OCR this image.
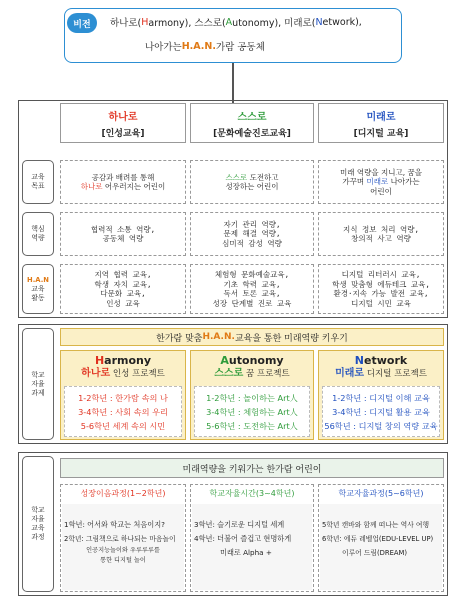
비전	하나로( H armony), 스스로( A utonomy), 미래로( N etwork),
나아가는 H.A.N. 가람 공동체
하나로
[인성교육]
스스로
[문화예술진로교육]
미래로
[디지털 교육]
교육
목표
공감과 배려를 통해
하나로 어우러지는 어린이
스스로 도전하고
성장하는 어린이
미래 역량을 지니고, 꿈을
가꾸며 미래로 나아가는
어린이
핵심
역량
협력적 소통 역량,
공동체 역량
자기 관리 역량,
문제 해결 역량,
심미적 감성 역량
지식 정보 처리 역량,
창의적 사고 역량
H.A.N
교육
활동
지역 협력 교육,
학생 자치 교육,
다문화 교육,
인성 교육
체험형 문화예술교육,
기초 학력 교육,
독서 토론 교육,
성장 단계별 진로 교육
디지털 리터러시 교육,
학생 맞춤형 에듀테크 교육,
환경·지속 가능 발전 교육,
디지털 시민 교육
학교
자율
과제
한가람 맞춤 H.A.N. 교육을 통한 미래역량 키우기
Harmony
하나로 인성 프로젝트
1-2학년 : 한가람 속의 나
3-4학년 : 사회 속의 우리
5-6학년 세계 속의 시민
Autonomy
스스로 꿈 프로젝트
1-2학년 : 놀이하는 Art人
3-4학년 : 체험하는 Art人
5-6학년 : 도전하는 Art人
Network
미래로 디지털 프로젝트
1-2학년 : 디지털 이해 교육
3-4학년 : 디지털 활용 교육
56학년 : 디지털 창의 역량 교육
학교
자율
교육
과정
미래역량을 키워가는 한가람 어린이
성장이음과정(1~2학년)
1학년: 어서와 학교는 처음이지?
2학년: 그림책으로 하나되는 마음놀이
인공지능놀이와 우루루루를
통한 디지털 놀이
학교자율시간(3~4학년)
3학년: 슬기로운 디지털 세계
4학년: 더불어 즐겁고 현명하게
미래로 Alpha +
학교자율과정(5~6학년)
5학년 캔바와 함께 떠나는 역사 여행
6학년: 에듀 레벨업(EDU-LEVEL UP)
이루어 드림(DREAM)
